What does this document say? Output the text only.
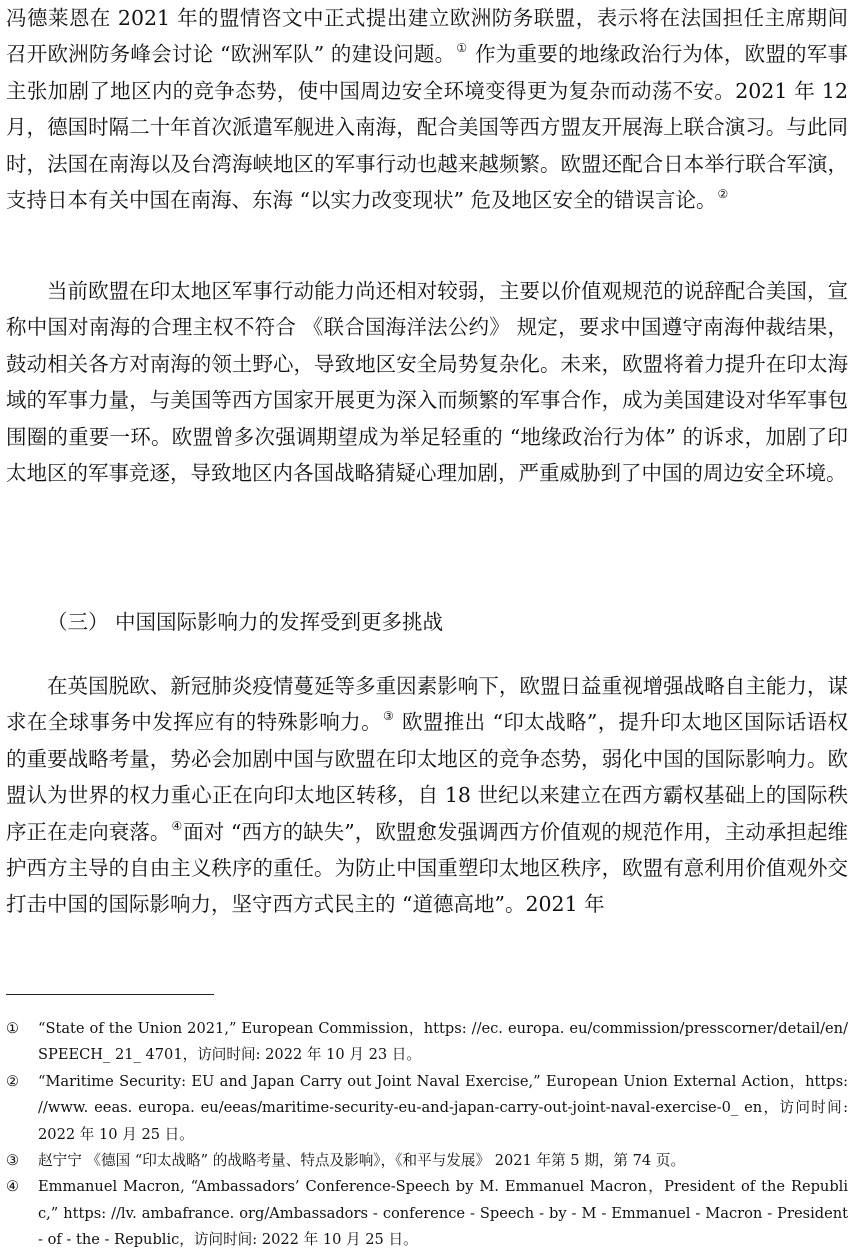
冯德莱恩在 2021 年的盟情咨文中正式提出建立欧洲防务联盟，表示将在法国担任主席期间召开欧洲防务峰会讨论 “欧洲军队” 的建设问题。① 作为重要的地缘政治行为体，欧盟的军事主张加剧了地区内的竞争态势，使中国周边安全环境变得更为复杂而动荡不安。2021 年 12 月，德国时隔二十年首次派遣军舰进入南海，配合美国等西方盟友开展海上联合演习。与此同时，法国在南海以及台湾海峡地区的军事行动也越来越频繁。欧盟还配合日本举行联合军演，支持日本有关中国在南海、东海 “以实力改变现状” 危及地区安全的错误言论。②

当前欧盟在印太地区军事行动能力尚还相对较弱，主要以价值观规范的说辞配合美国，宣称中国对南海的合理主权不符合 《联合国海洋法公约》 规定，要求中国遵守南海仲裁结果，鼓动相关各方对南海的领土野心，导致地区安全局势复杂化。未来，欧盟将着力提升在印太海域的军事力量，与美国等西方国家开展更为深入而频繁的军事合作，成为美国建设对华军事包围圈的重要一环。欧盟曾多次强调期望成为举足轻重的 “地缘政治行为体” 的诉求，加剧了印太地区的军事竞逐，导致地区内各国战略猜疑心理加剧，严重威胁到了中国的周边安全环境。

（三） 中国国际影响力的发挥受到更多挑战

在英国脱欧、新冠肺炎疫情蔓延等多重因素影响下，欧盟日益重视增强战略自主能力，谋求在全球事务中发挥应有的特殊影响力。③ 欧盟推出 “印太战略”，提升印太地区国际话语权的重要战略考量，势必会加剧中国与欧盟在印太地区的竞争态势，弱化中国的国际影响力。欧盟认为世界的权力重心正在向印太地区转移，自 18 世纪以来建立在西方霸权基础上的国际秩序正在走向衰落。④面对 “西方的缺失”，欧盟愈发强调西方价值观的规范作用，主动承担起维护西方主导的自由主义秩序的重任。为防止中国重塑印太地区秩序，欧盟有意利用价值观外交打击中国的国际影响力，坚守西方式民主的 “道德高地”。2021 年

①	“State of the Union 2021,” European Commission，https: //ec. europa. eu/commission/presscorner/detail/en/SPEECH_ 21_ 4701，访问时间: 2022 年 10 月 23 日。

②	“Maritime Security: EU and Japan Carry out Joint Naval Exercise,” European Union External Action，https: //www. eeas. europa. eu/eeas/maritime-security-eu-and-japan-carry-out-joint-naval-exercise-0_ en，访问时间: 2022 年 10 月 25 日。

③	赵宁宁 《德国 “印太战略” 的战略考量、特点及影响》，《和平与发展》 2021 年第 5 期，第 74 页。

④	Emmanuel Macron, “Ambassadors’ Conference-Speech by M. Emmanuel Macron，President of the Republic,” https: //lv. ambafrance. org/Ambassadors - conference - Speech - by - M - Emmanuel - Macron - President - of - the - Republic，访问时间: 2022 年 10 月 25 日。
